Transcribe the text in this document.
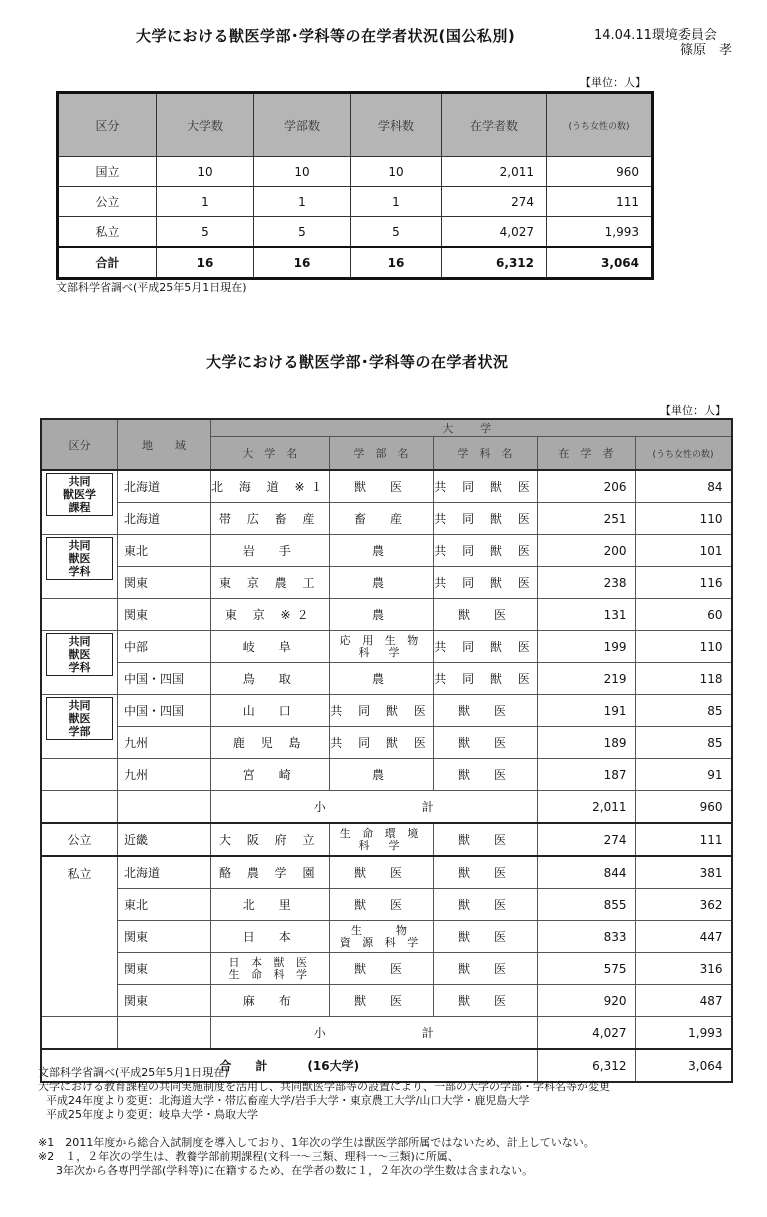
大学における獣医学部･学科等の在学者状況(国公私別)	14.04.11環境委員会
篠原　孝
【単位：人】
区分	大学数	学部数	学科数	在学者数	(うち女性の数)
国立	10	10	10	2,011	960
公立	1	1	1	274	111
私立	5	5	5	4,027	1,993
合計	16	16	16	6,312	3,064
文部科学省調べ(平成25年5月1日現在)
大学における獣医学部･学科等の在学者状況
【単位：人】
区分	地　　域	大　学				
		大　学　名	学　部　名	学　科　名	在　学　者	(うち女性の数)

共同
獣医学
課程	北海道	北 海 道 ※１	獣　医	共 同 獣 医	206	84
	北海道	帯 広 畜 産	畜　産	共 同 獣 医	251	110

共同
獣医
学科	東北	岩　手	農	共 同 獣 医	200	101
	関東	東 京 農 工	農	共 同 獣 医	238	116
	関東	東 京 ※２	農	獣　医	131	60

共同
獣医
学科	中部	岐　阜	応 用 生 物
科　学	共 同 獣 医	199	110
	中国・四国	鳥　取	農	共 同 獣 医	219	118

共同
獣医
学部	中国・四国	山　口	共 同 獣 医	獣　医	191	85
	九州	鹿 児 島	共 同 獣 医	獣　医	189	85
	九州	宮　崎	農	獣　医	187	91
		小 計			2,011	960
公立	近畿	大 阪 府 立	生 命 環 境
科　学	獣　医	274	111
私立	北海道	酪 農 学 園	獣　医	獣　医	844	381
	東北	北　里	獣　医	獣　医	855	362
	関東	日　本	生　　物
資 源 科 学	獣　医	833	447
	関東	日 本 獣 医
生 命 科 学	獣　医	獣　医	575	316
	関東	麻　布	獣　医	獣　医	920	487
		小 計			4,027	1,993
合　　計 (16大学)					6,312	3,064
文部科学省調べ(平成25年5月1日現在)
大学における教育課程の共同実施制度を活用し、共同獣医学部等の設置により、一部の大学の学部・学科名等が変更
平成24年度より変更：北海道大学・帯広畜産大学/岩手大学・東京農工大学/山口大学・鹿児島大学
平成25年度より変更：岐阜大学・鳥取大学
※1　2011年度から総合入試制度を導入しており、1年次の学生は獣医学部所属ではないため、計上していない。
※2　１，２年次の学生は、教養学部前期課程(文科一～三類、理科一～三類)に所属、
3年次から各専門学部(学科等)に在籍するため、在学者の数に１，２年次の学生数は含まれない。
